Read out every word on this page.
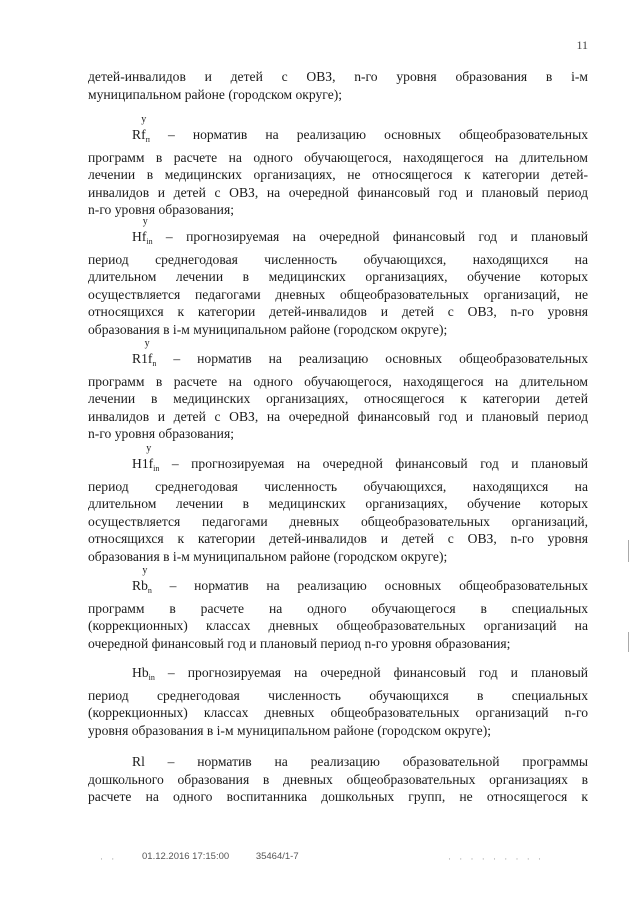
11
детей-инвалидов и детей с ОВЗ, n-го уровня образования в i-м
муниципальном районе (городском округе);
$Rf_п$
у
– норматив на реализацию основных общеобразовательных
программ в расчете на одного обучающегося, находящегося на длительном
лечении в медицинских организациях, не относящегося к категории детей-
инвалидов и детей с ОВЗ, на очередной финансовый год и плановый период
n-го уровня образования;
$Hf_{in}$
у
– прогнозируемая на очередной финансовый год и плановый
период среднегодовая численность обучающихся, находящихся на
длительном лечении в медицинских организациях, обучение которых
осуществляется педагогами дневных общеобразовательных организаций, не
относящихся к категории детей-инвалидов и детей с ОВЗ, n-го уровня
образования в i-м муниципальном районе (городском округе);
$R1f_n$
у
– норматив на реализацию основных общеобразовательных
программ в расчете на одного обучающегося, находящегося на длительном
лечении в медицинских организациях, относящегося к категории детей
инвалидов и детей с ОВЗ, на очередной финансовый год и плановый период
n-го уровня образования;
$H1f_{in}$
у
– прогнозируемая на очередной финансовый год и плановый
период среднегодовая численность обучающихся, находящихся на
длительном лечении в медицинских организациях, обучение которых
осуществляется педагогами дневных общеобразовательных организаций,
относящихся к категории детей-инвалидов и детей с ОВЗ, n-го уровня
образования в i-м муниципальном районе (городском округе);
$Rb_n$
у
– норматив на реализацию основных общеобразовательных
программ в расчете на одного обучающегося в специальных
(коррекционных) классах дневных общеобразовательных организаций на
очередной финансовый год и плановый период n-го уровня образования;
$Hb_{in}$ – прогнозируемая на очередной финансовый год и плановый
период среднегодовая численность обучающихся в специальных
(коррекционных) классах дневных общеобразовательных организаций n-го
уровня образования в i-м муниципальном районе (городском округе);
Rl – норматив на реализацию образовательной программы
дошкольного образования в дневных общеобразовательных организациях в
расчете на одного воспитанника дошкольных групп, не относящегося к
· ·	01.12.2016 17:15:00	35464/1-7	· · · · · · · · ·
